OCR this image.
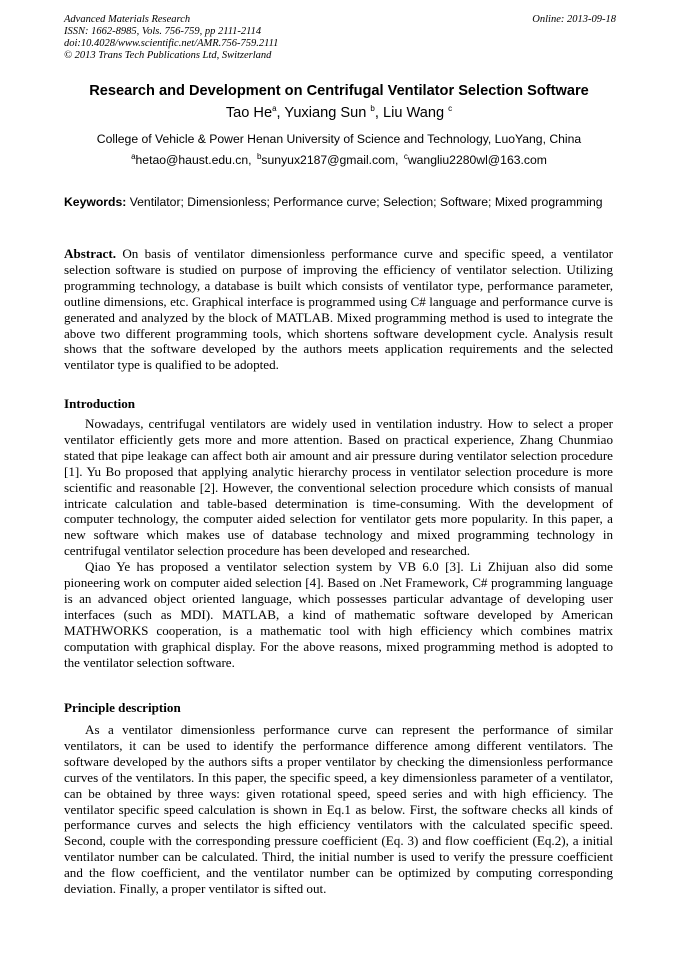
Advanced Materials Research
ISSN: 1662-8985, Vols. 756-759, pp 2111-2114
doi:10.4028/www.scientific.net/AMR.756-759.2111
© 2013 Trans Tech Publications Ltd, Switzerland
Online: 2013-09-18
Research and Development on Centrifugal Ventilator Selection Software
Tao He$^a$, Yuxiang Sun $^b$, Liu Wang $^c$
College of Vehicle & Power Henan University of Science and Technology, LuoYang, China
$^a$hetao@haust.edu.cn, $^b$sunyux2187@gmail.com, $^c$wangliu2280wl@163.com
Keywords: Ventilator; Dimensionless; Performance curve; Selection; Software; Mixed programming

Abstract. On basis of ventilator dimensionless performance curve and specific speed, a ventilator selection software is studied on purpose of improving the efficiency of ventilator selection. Utilizing programming technology, a database is built which consists of ventilator type, performance parameter, outline dimensions, etc. Graphical interface is programmed using C# language and performance curve is generated and analyzed by the block of MATLAB. Mixed programming method is used to integrate the above two different programming tools, which shortens software development cycle. Analysis result shows that the software developed by the authors meets application requirements and the selected ventilator type is qualified to be adopted.

Introduction

Nowadays, centrifugal ventilators are widely used in ventilation industry. How to select a proper ventilator efficiently gets more and more attention. Based on practical experience, Zhang Chunmiao stated that pipe leakage can affect both air amount and air pressure during ventilator selection procedure [1]. Yu Bo proposed that applying analytic hierarchy process in ventilator selection procedure is more scientific and reasonable [2]. However, the conventional selection procedure which consists of manual intricate calculation and table-based determination is time-consuming. With the development of computer technology, the computer aided selection for ventilator gets more popularity. In this paper, a new software which makes use of database technology and mixed programming technology in centrifugal ventilator selection procedure has been developed and researched.

Qiao Ye has proposed a ventilator selection system by VB 6.0 [3]. Li Zhijuan also did some pioneering work on computer aided selection [4]. Based on .Net Framework, C# programming language is an advanced object oriented language, which possesses particular advantage of developing user interfaces (such as MDI). MATLAB, a kind of mathematic software developed by American MATHWORKS cooperation, is a mathematic tool with high efficiency which combines matrix computation with graphical display. For the above reasons, mixed programming method is adopted to the ventilator selection software.

Principle description

As a ventilator dimensionless performance curve can represent the performance of similar ventilators, it can be used to identify the performance difference among different ventilators. The software developed by the authors sifts a proper ventilator by checking the dimensionless performance curves of the ventilators. In this paper, the specific speed, a key dimensionless parameter of a ventilator, can be obtained by three ways: given rotational speed, speed series and with high efficiency. The ventilator specific speed calculation is shown in Eq.1 as below. First, the software checks all kinds of performance curves and selects the high efficiency ventilators with the calculated specific speed. Second, couple with the corresponding pressure coefficient (Eq. 3) and flow coefficient (Eq.2), a initial ventilator number can be calculated. Third, the initial number is used to verify the pressure coefficient and the flow coefficient, and the ventilator number can be optimized by computing corresponding deviation. Finally, a proper ventilator is sifted out.
